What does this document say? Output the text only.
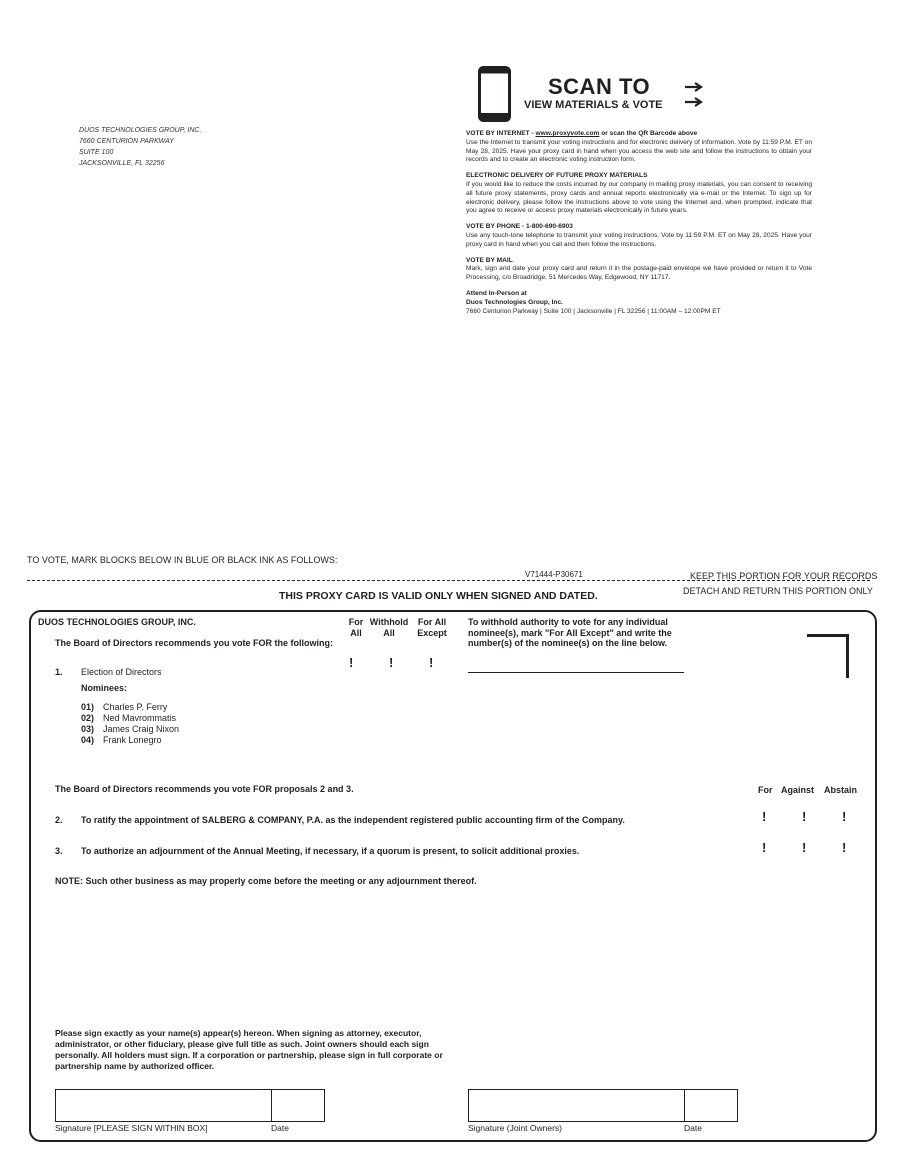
DUOS TECHNOLOGIES GROUP, INC.
7660 CENTURION PARKWAY
SUITE 100
JACKSONVILLE, FL 32256
SCAN TO
VIEW MATERIALS & VOTE
VOTE BY INTERNET - www.proxyvote.com or scan the QR Barcode above
Use the Internet to transmit your voting instructions and for electronic delivery of information. Vote by 11:59 P.M. ET on May 28, 2025. Have your proxy card in hand when you access the web site and follow the instructions to obtain your records and to create an electronic voting instruction form.
ELECTRONIC DELIVERY OF FUTURE PROXY MATERIALS
If you would like to reduce the costs incurred by our company in mailing proxy materials, you can consent to receiving all future proxy statements, proxy cards and annual reports electronically via e-mail or the Internet. To sign up for electronic delivery, please follow the instructions above to vote using the Internet and, when prompted, indicate that you agree to receive or access proxy materials electronically in future years.
VOTE BY PHONE - 1-800-690-6903
Use any touch-tone telephone to transmit your voting instructions. Vote by 11:59 P.M. ET on May 28, 2025. Have your proxy card in hand when you call and then follow the instructions.
VOTE BY MAIL
Mark, sign and date your proxy card and return it in the postage-paid envelope we have provided or return it to Vote Processing, c/o Broadridge, 51 Mercedes Way, Edgewood, NY 11717.
Attend In-Person at
Duos Technologies Group, Inc.
7660 Centurion Parkway | Suite 100 | Jacksonville | FL 32256 | 11:00AM – 12:00PM ET
TO VOTE, MARK BLOCKS BELOW IN BLUE OR BLACK INK AS FOLLOWS:
V71444-P30671	KEEP THIS PORTION FOR YOUR RECORDS
DETACH AND RETURN THIS PORTION ONLY
THIS PROXY CARD IS VALID ONLY WHEN SIGNED AND DATED.
DUOS TECHNOLOGIES GROUP, INC.
The Board of Directors recommends you vote FOR the following:
For
All
Withhold
All
For All
Except
To withhold authority to vote for any individual nominee(s), mark "For All Except" and write the number(s) of the nominee(s) on the line below.
!	!	!
1. Election of Directors
Nominees:
01) Charles P. Ferry
02) Ned Mavrommatis
03) James Craig Nixon
04) Frank Lonegro
The Board of Directors recommends you vote FOR proposals 2 and 3.	For Against Abstain
2. To ratify the appointment of SALBERG & COMPANY, P.A. as the independent registered public accounting firm of the Company.	!	!	!
3. To authorize an adjournment of the Annual Meeting, if necessary, if a quorum is present, to solicit additional proxies.	!	!	!
NOTE: Such other business as may properly come before the meeting or any adjournment thereof.
Please sign exactly as your name(s) appear(s) hereon. When signing as attorney, executor, administrator, or other fiduciary, please give full title as such. Joint owners should each sign personally. All holders must sign. If a corporation or partnership, please sign in full corporate or partnership name by authorized officer.
Signature [PLEASE SIGN WITHIN BOX]	Date	Signature (Joint Owners)	Date
